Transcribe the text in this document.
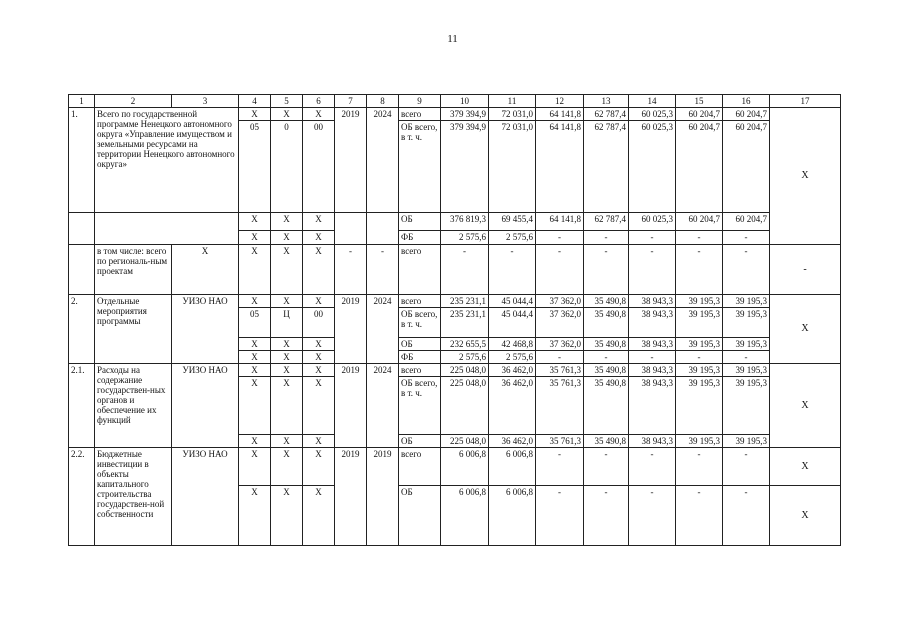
11
1	2	3	4	5	6	7	8	9	10	11	12	13	14	15	16	17
1.	Всего по государственной программе Ненецкого автономного округа «Управление имуществом и земельными ресурсами на территории Ненецкого автономного округа»		Х	Х	Х	2019	2024	всего	379 394,9	72 031,0	64 141,8	62 787,4	60 025,3	60 204,7	60 204,7	Х
			05	0	00			ОБ всего, в т. ч.	379 394,9	72 031,0	64 141,8	62 787,4	60 025,3	60 204,7	60 204,7	
			Х	Х	Х			ОБ	376 819,3	69 455,4	64 141,8	62 787,4	60 025,3	60 204,7	60 204,7	
			Х	Х	Х			ФБ	2 575,6	2 575,6	-	-	-	-	-	
	в том числе: всего по региональ-ным проектам	Х	Х	Х	Х	-	-	всего	-	-	-	-	-	-	-	-
2.	Отдельные мероприятия программы	УИЗО НАО	Х	Х	Х	2019	2024	всего	235 231,1	45 044,4	37 362,0	35 490,8	38 943,3	39 195,3	39 195,3	Х
			05	Ц	00			ОБ всего, в т. ч.	235 231,1	45 044,4	37 362,0	35 490,8	38 943,3	39 195,3	39 195,3	
			Х	Х	Х			ОБ	232 655,5	42 468,8	37 362,0	35 490,8	38 943,3	39 195,3	39 195,3	
			Х	Х	Х			ФБ	2 575,6	2 575,6	-	-	-	-	-	
2.1.	Расходы на содержание государствен-ных органов и обеспечение их функций	УИЗО НАО	Х	Х	Х	2019	2024	всего	225 048,0	36 462,0	35 761,3	35 490,8	38 943,3	39 195,3	39 195,3	Х
			Х	Х	Х			ОБ всего, в т. ч.	225 048,0	36 462,0	35 761,3	35 490,8	38 943,3	39 195,3	39 195,3	
			Х	Х	Х			ОБ	225 048,0	36 462,0	35 761,3	35 490,8	38 943,3	39 195,3	39 195,3	
2.2.	Бюджетные инвестиции в объекты капитального строительства государствен-ной собственности	УИЗО НАО	Х	Х	Х	2019	2019	всего	6 006,8	6 006,8	-	-	-	-	-	Х
			Х	Х	Х			ОБ	6 006,8	6 006,8	-	-	-	-	-	Х
